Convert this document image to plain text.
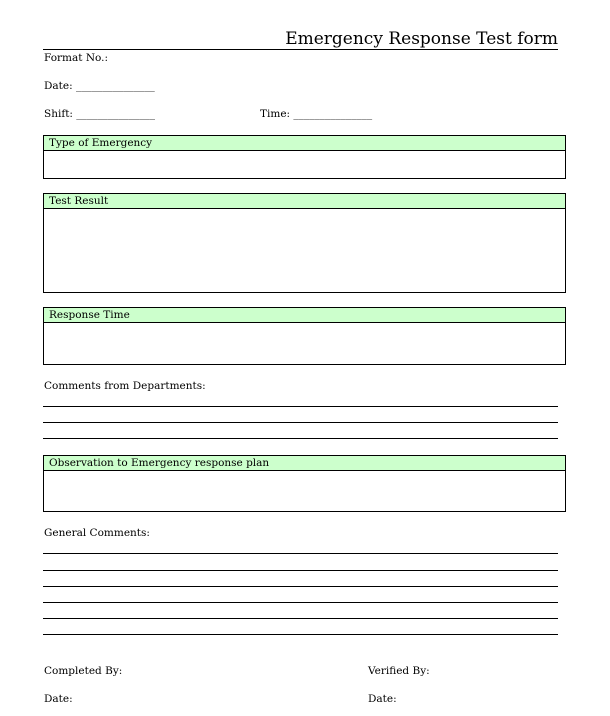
Emergency Response Test form
Format No.:
Date: _______________
Shift: _______________	Time: _______________
Type of Emergency
Test Result
Response Time
Comments from Departments:
Observation to Emergency response plan
General Comments:
Completed By:	Verified By:
Date:	Date:
